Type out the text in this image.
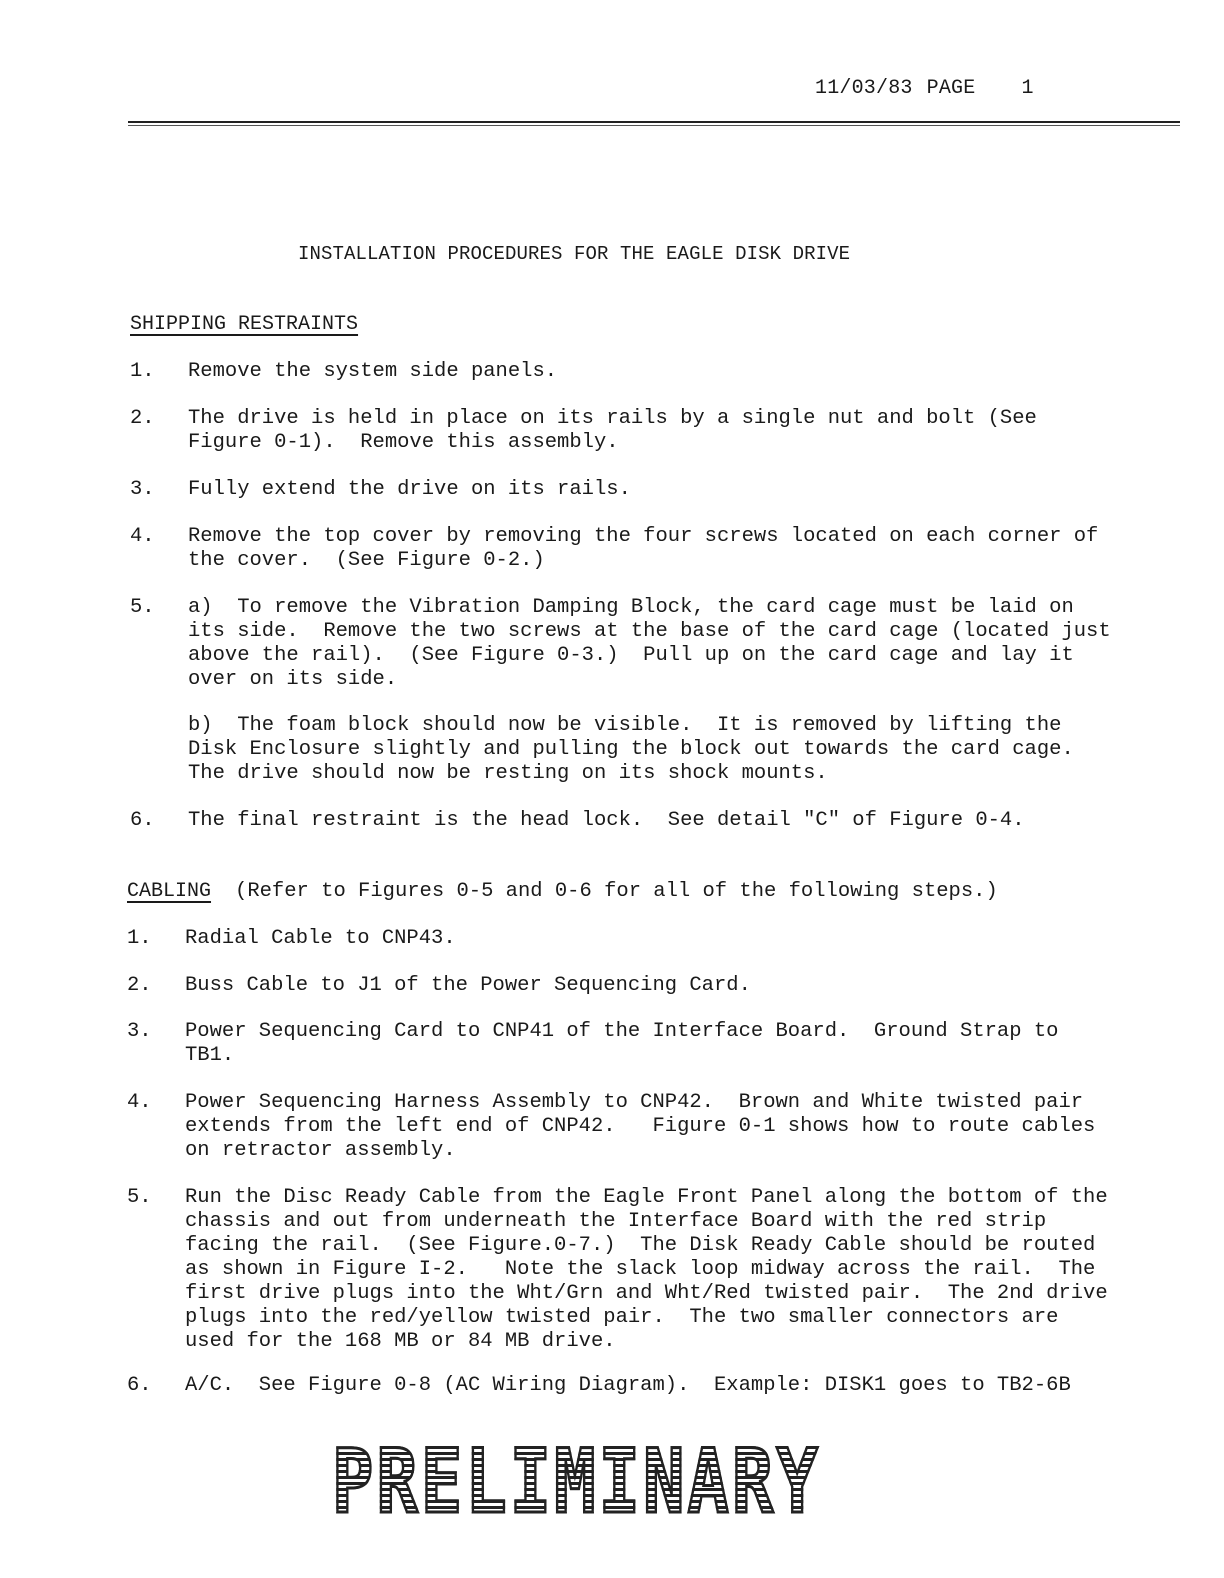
11/03/83 PAGE 1
INSTALLATION PROCEDURES FOR THE EAGLE DISK DRIVE
SHIPPING RESTRAINTS

1.

Remove the system side panels.

2.

The drive is held in place on its rails by a single nut and bolt (See
Figure 0-1).  Remove this assembly.

3.

Fully extend the drive on its rails.

4.

Remove the top cover by removing the four screws located on each corner of
the cover.  (See Figure 0-2.)

5.

a)  To remove the Vibration Damping Block, the card cage must be laid on
its side.  Remove the two screws at the base of the card cage (located just
above the rail).  (See Figure 0-3.)  Pull up on the card cage and lay it
over on its side.

b)  The foam block should now be visible.  It is removed by lifting the
Disk Enclosure slightly and pulling the block out towards the card cage.
The drive should now be resting on its shock mounts.

6.

The final restraint is the head lock.  See detail "C" of Figure 0-4.

CABLING (Refer to Figures 0-5 and 0-6 for all of the following steps.)

1.

Radial Cable to CNP43.

2.

Buss Cable to J1 of the Power Sequencing Card.

3.

Power Sequencing Card to CNP41 of the Interface Board.  Ground Strap to
TB1.

4.

Power Sequencing Harness Assembly to CNP42.  Brown and White twisted pair
extends from the left end of CNP42.   Figure 0-1 shows how to route cables
on retractor assembly.

5.

Run the Disc Ready Cable from the Eagle Front Panel along the bottom of the
chassis and out from underneath the Interface Board with the red strip
facing the rail.  (See Figure.0-7.)  The Disk Ready Cable should be routed
as shown in Figure I-2.   Note the slack loop midway across the rail.  The
first drive plugs into the Wht/Grn and Wht/Red twisted pair.  The 2nd drive
plugs into the red/yellow twisted pair.  The two smaller connectors are
used for the 168 MB or 84 MB drive.

6.

A/C.  See Figure 0-8 (AC Wiring Diagram).  Example: DISK1 goes to TB2-6B

PRELIMINARY
